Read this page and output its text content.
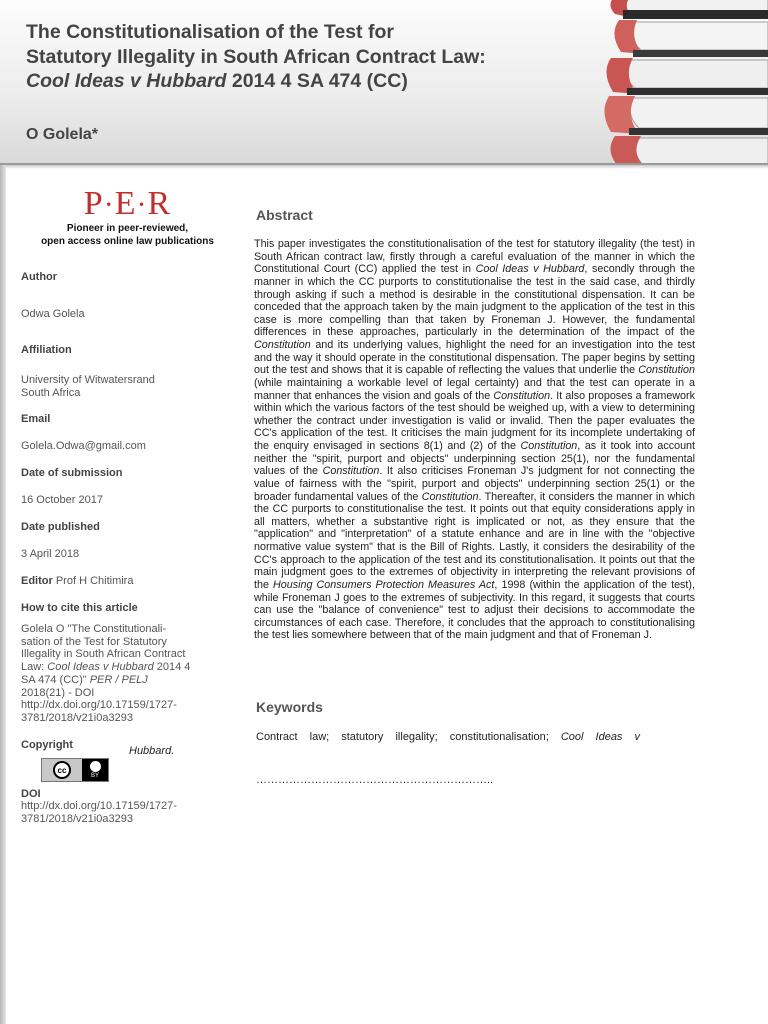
The Constitutionalisation of the Test for
Statutory Illegality in South African Contract Law:
Cool Ideas v Hubbard 2014 4 SA 474 (CC)
O Golela*
P·E·R
Pioneer in peer-reviewed,
open access online law publications
Author
Odwa Golela
Affiliation
University of Witwatersrand
South Africa
Email
Golela.Odwa@gmail.com
Date of submission
16 October 2017
Date published
3 April 2018
Editor Prof H Chitimira
How to cite this article
Golela O "The Constitutionali-
sation of the Test for Statutory
Illegality in South African Contract
Law: Cool Ideas v Hubbard 2014 4
SA 474 (CC)" PER / PELJ
2018(21) - DOI
http://dx.doi.org/10.17159/1727-
3781/2018/v21i0a3293
Copyright	Hubbard.
cc
BY
DOI
http://dx.doi.org/10.17159/1727-
3781/2018/v21i0a3293
Abstract
This paper investigates the constitutionalisation of the test for statutory illegality (the test) in South African contract law, firstly through a careful evaluation of the manner in which the Constitutional Court (CC) applied the test in Cool Ideas v Hubbard, secondly through the manner in which the CC purports to constitutionalise the test in the said case, and thirdly through asking if such a method is desirable in the constitutional dispensation. It can be conceded that the approach taken by the main judgment to the application of the test in this case is more compelling than that taken by Froneman J. However, the fundamental differences in these approaches, particularly in the determination of the impact of the Constitution and its underlying values, highlight the need for an investigation into the test and the way it should operate in the constitutional dispensation. The paper begins by setting out the test and shows that it is capable of reflecting the values that underlie the Constitution (while maintaining a workable level of legal certainty) and that the test can operate in a manner that enhances the vision and goals of the Constitution. It also proposes a framework within which the various factors of the test should be weighed up, with a view to determining whether the contract under investigation is valid or invalid. Then the paper evaluates the CC's application of the test. It criticises the main judgment for its incomplete undertaking of the enquiry envisaged in sections 8(1) and (2) of the Constitution, as it took into account neither the "spirit, purport and objects" underpinning section 25(1), nor the fundamental values of the Constitution. It also criticises Froneman J's judgment for not connecting the value of fairness with the "spirit, purport and objects" underpinning section 25(1) or the broader fundamental values of the Constitution. Thereafter, it considers the manner in which the CC purports to constitutionalise the test. It points out that equity considerations apply in all matters, whether a substantive right is implicated or not, as they ensure that the "application" and "interpretation" of a statute enhance and are in line with the "objective normative value system" that is the Bill of Rights. Lastly, it considers the desirability of the CC's approach to the application of the test and its constitutionalisation. It points out that the main judgment goes to the extremes of objectivity in interpreting the relevant provisions of the Housing Consumers Protection Measures Act, 1998 (within the application of the test), while Froneman J goes to the extremes of subjectivity. In this regard, it suggests that courts can use the "balance of convenience" test to adjust their decisions to accommodate the circumstances of each case. Therefore, it concludes that the approach to constitutionalising the test lies somewhere between that of the main judgment and that of Froneman J.
Keywords
Contract law; statutory illegality; constitutionalisation; Cool Ideas v
………………………………………………………..
